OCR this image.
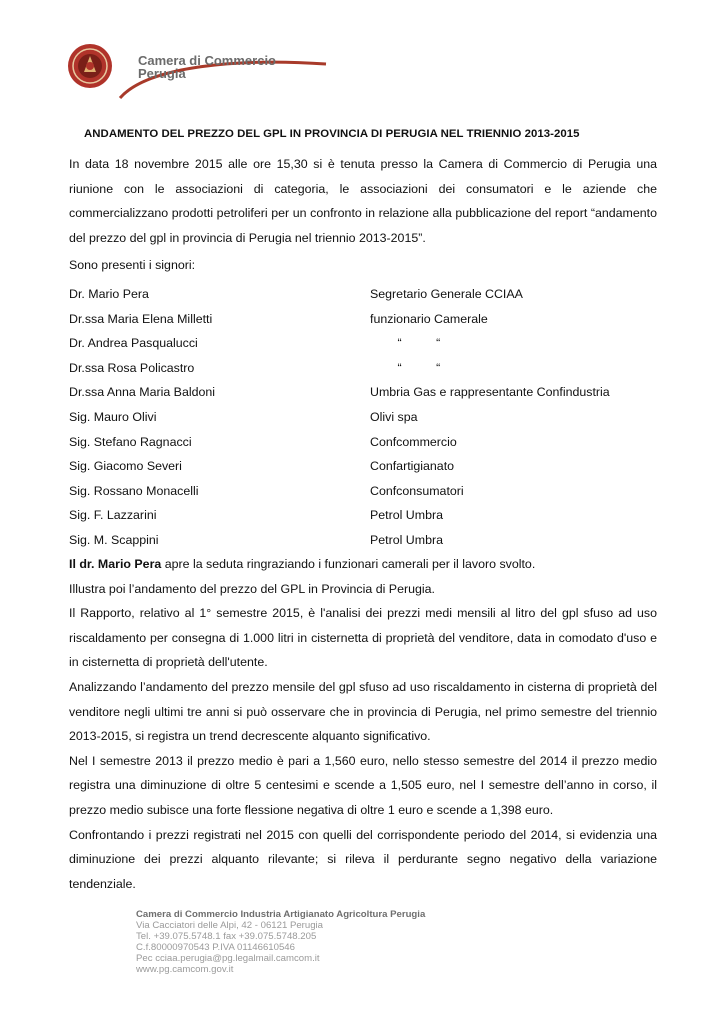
Camera di Commercio
Perugia
ANDAMENTO DEL PREZZO DEL GPL IN PROVINCIA DI PERUGIA NEL TRIENNIO 2013-2015
In data 18 novembre 2015 alle ore 15,30 si è tenuta presso la Camera di Commercio di Perugia una riunione con le associazioni di categoria, le associazioni dei consumatori e le aziende che commercializzano prodotti petroliferi per un confronto in relazione alla pubblicazione del report “andamento del prezzo del gpl in provincia di Perugia nel triennio 2013-2015”.
Sono presenti i signori:
Dr. Mario Pera	Segretario Generale CCIAA
Dr.ssa Maria Elena Milletti	funzionario Camerale
Dr. Andrea Pasqualucci	“          “
Dr.ssa Rosa Policastro	“          “
Dr.ssa Anna Maria Baldoni	Umbria Gas e rappresentante Confindustria
Sig. Mauro Olivi	Olivi spa
Sig. Stefano Ragnacci	Confcommercio
Sig. Giacomo Severi	Confartigianato
Sig. Rossano Monacelli	Confconsumatori
Sig. F. Lazzarini	Petrol Umbra
Sig. M. Scappini	Petrol Umbra
Il dr. Mario Pera apre la seduta ringraziando i funzionari camerali per il lavoro svolto.
Illustra poi l’andamento del prezzo del GPL in Provincia di Perugia.
Il Rapporto, relativo al 1° semestre 2015, è l'analisi dei prezzi medi mensili al litro del gpl sfuso ad uso riscaldamento per consegna di 1.000 litri in cisternetta di proprietà del venditore, data in comodato d'uso e in cisternetta di proprietà dell'utente.
Analizzando l’andamento del prezzo mensile del gpl sfuso ad uso riscaldamento in cisterna di proprietà del venditore negli ultimi tre anni si può osservare che in provincia di Perugia, nel primo semestre del triennio 2013-2015, si registra un trend decrescente alquanto significativo.
Nel I semestre 2013 il prezzo medio è pari a 1,560 euro, nello stesso semestre del 2014 il prezzo medio registra una diminuzione di oltre 5 centesimi e scende a 1,505 euro, nel I semestre dell’anno in corso, il prezzo medio subisce una forte flessione negativa di oltre 1 euro e scende a 1,398 euro.
Confrontando i prezzi registrati nel 2015 con quelli del corrispondente periodo del 2014, si evidenzia una diminuzione dei prezzi alquanto rilevante; si rileva il perdurante segno negativo della variazione tendenziale.
Camera di Commercio Industria Artigianato Agricoltura Perugia
Via Cacciatori delle Alpi, 42 - 06121 Perugia
Tel. +39.075.5748.1 fax +39.075.5748.205
C.f.80000970543 P.IVA 01146610546
Pec cciaa.perugia@pg.legalmail.camcom.it
www.pg.camcom.gov.it
